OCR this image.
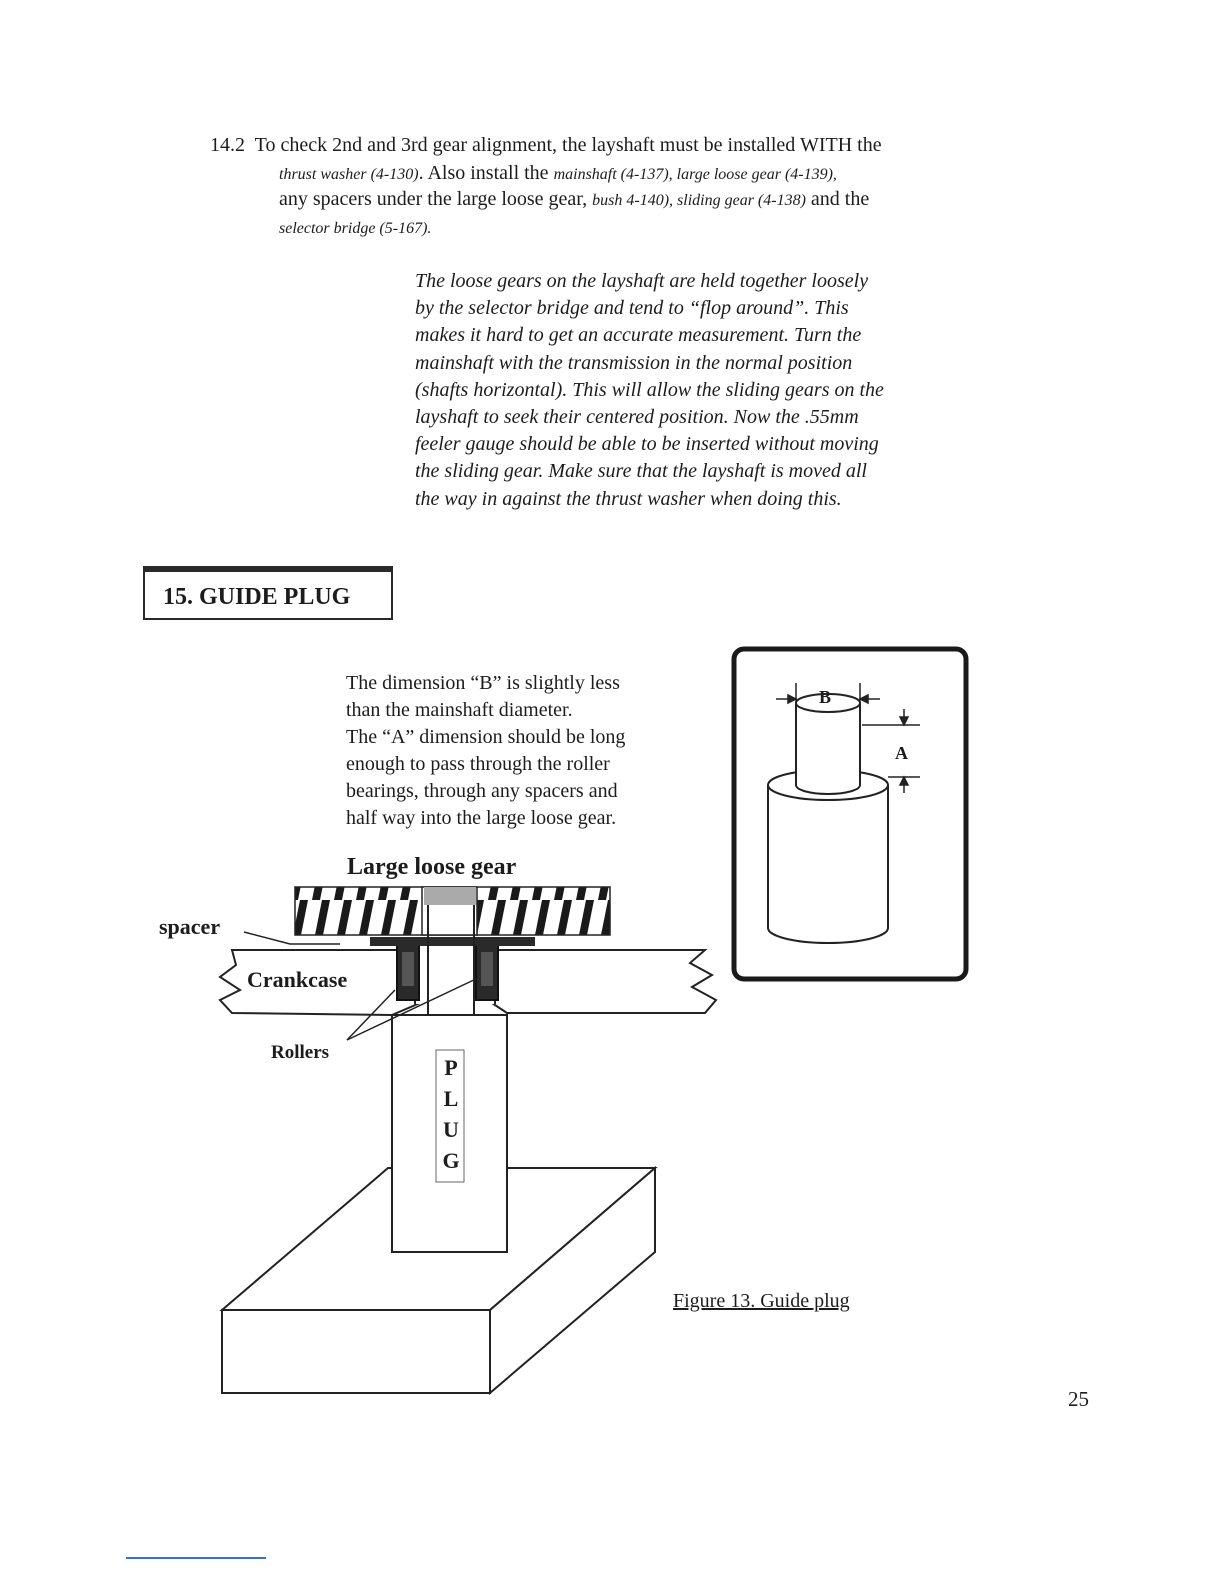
14.2 To check 2nd and 3rd gear alignment, the layshaft must be installed WITH the
thrust washer (4-130). Also install the mainshaft (4-137), large loose gear (4-139),
any spacers under the large loose gear, bush 4-140), sliding gear (4-138) and the
selector bridge (5-167).
The loose gears on the layshaft are held together loosely
by the selector bridge and tend to “flop around”. This
makes it hard to get an accurate measurement. Turn the
mainshaft with the transmission in the normal position
(shafts horizontal). This will allow the sliding gears on the
layshaft to seek their centered position. Now the .55mm
feeler gauge should be able to be inserted without moving
the sliding gear. Make sure that the layshaft is moved all
the way in against the thrust washer when doing this.
15. GUIDE PLUG
The dimension “B” is slightly less
than the mainshaft diameter.
The “A” dimension should be long
enough to pass through the roller
bearings, through any spacers and
half way into the large loose gear.
Large loose gear
spacer
Crankcase
Rollers
P
L
U
G
B
A
Figure 13. Guide plug
25
